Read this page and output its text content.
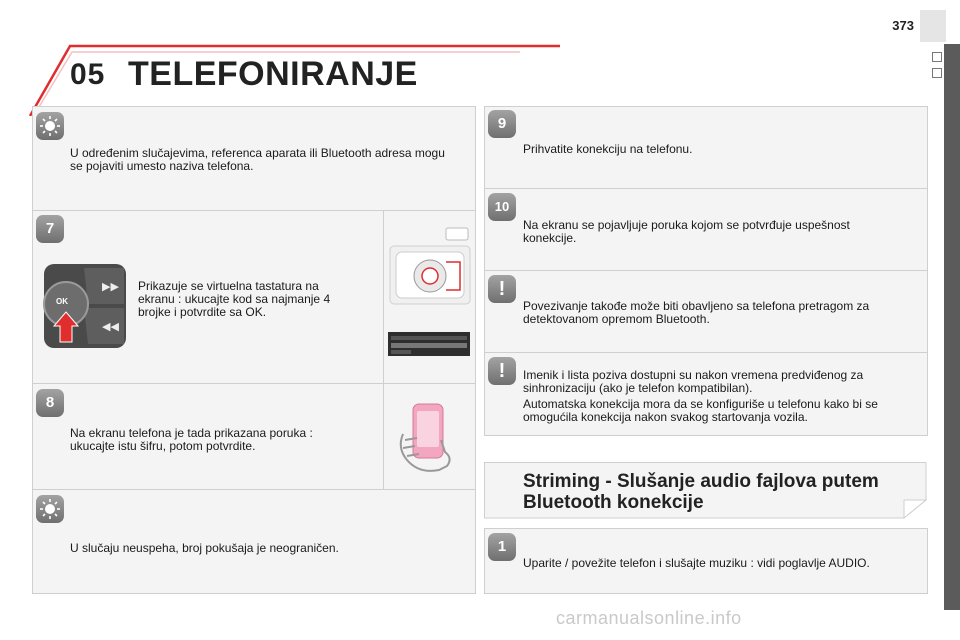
373
05 TELEFONIRANJE
U određenim slučajevima, referenca aparata ili Bluetooth adresa mogu se pojaviti umesto naziva telefona.
7
▶▶
◀◀
OK
Prikazuje se virtuelna tastatura na ekranu : ukucajte kod sa najmanje 4 brojke i potvrdite sa OK.
8
Na ekranu telefona je tada prikazana poruka : ukucajte istu šifru, potom potvrdite.
U slučaju neuspeha, broj pokušaja je neograničen.
9
Prihvatite konekciju na telefonu.
10
Na ekranu se pojavljuje poruka kojom se potvrđuje uspešnost konekcije.
!
Povezivanje takođe može biti obavljeno sa telefona pretragom za detektovanom opremom Bluetooth.
!	Imenik i lista poziva dostupni su nakon vremena predviđenog za sinhronizaciju (ako je telefon kompatibilan).
Automatska konekcija mora da se konfiguriše u telefonu kako bi se omogućila konekcija nakon svakog startovanja vozila.
Striming - Slušanje audio fajlova putem Bluetooth konekcije
1
Uparite / povežite telefon i slušajte muziku : vidi poglavlje AUDIO.
carmanualsonline.info
